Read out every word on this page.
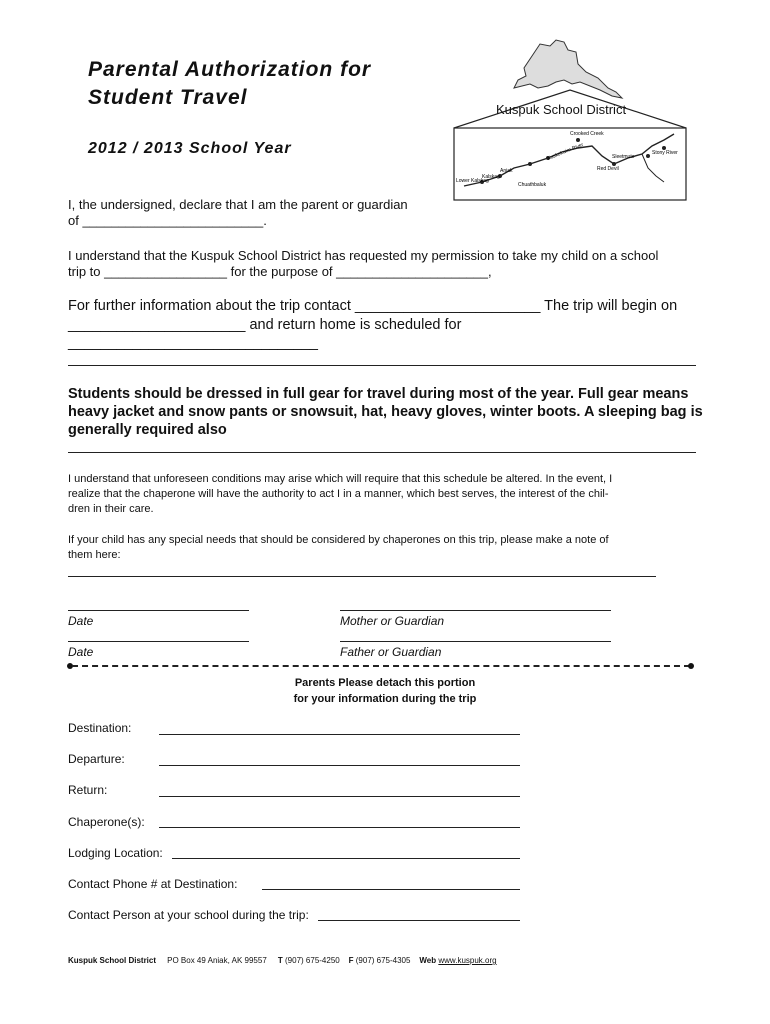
Parental Authorization for
Student Travel
2012 / 2013 School Year
Crooked Creek
Stony River
Sleetmute
Red Devil
Aniak
Chuathbaluk
Kalskag
Lower Kalskag
Kuskokwim River
Kuspuk School District
I, the undersigned, declare that I am the parent or guardian
of _________________________.
I understand that the Kuspuk School District has requested my permission to take my child on a school
trip to _________________ for the purpose of _____________________,
For further information about the trip contact _______________________ The trip will begin on
______________________ and return home is scheduled for
_______________________________
Students should be dressed in full gear for travel during most of the year. Full gear means heavy jacket and snow pants or snowsuit, hat, heavy gloves, winter boots. A sleeping bag is generally required also
I understand that unforeseen conditions may arise which will require that this schedule be altered. In the event, I
realize that the chaperone will have the authority to act I in a manner, which best serves, the interest of the chil-
dren in their care.
If your child has any special needs that should be considered by chaperones on this trip, please make a note of
them here:
Date	Mother or Guardian
Date	Father or Guardian
Parents Please detach this portion
for your information during the trip
Destination:
Departure:
Return:
Chaperone(s):
Lodging Location:
Contact Phone # at Destination:
Contact Person at your school during the trip:
Kuspuk School District PO Box 49 Aniak, AK 99557 T (907) 675-4250 F (907) 675-4305 Web www.kuspuk.org
